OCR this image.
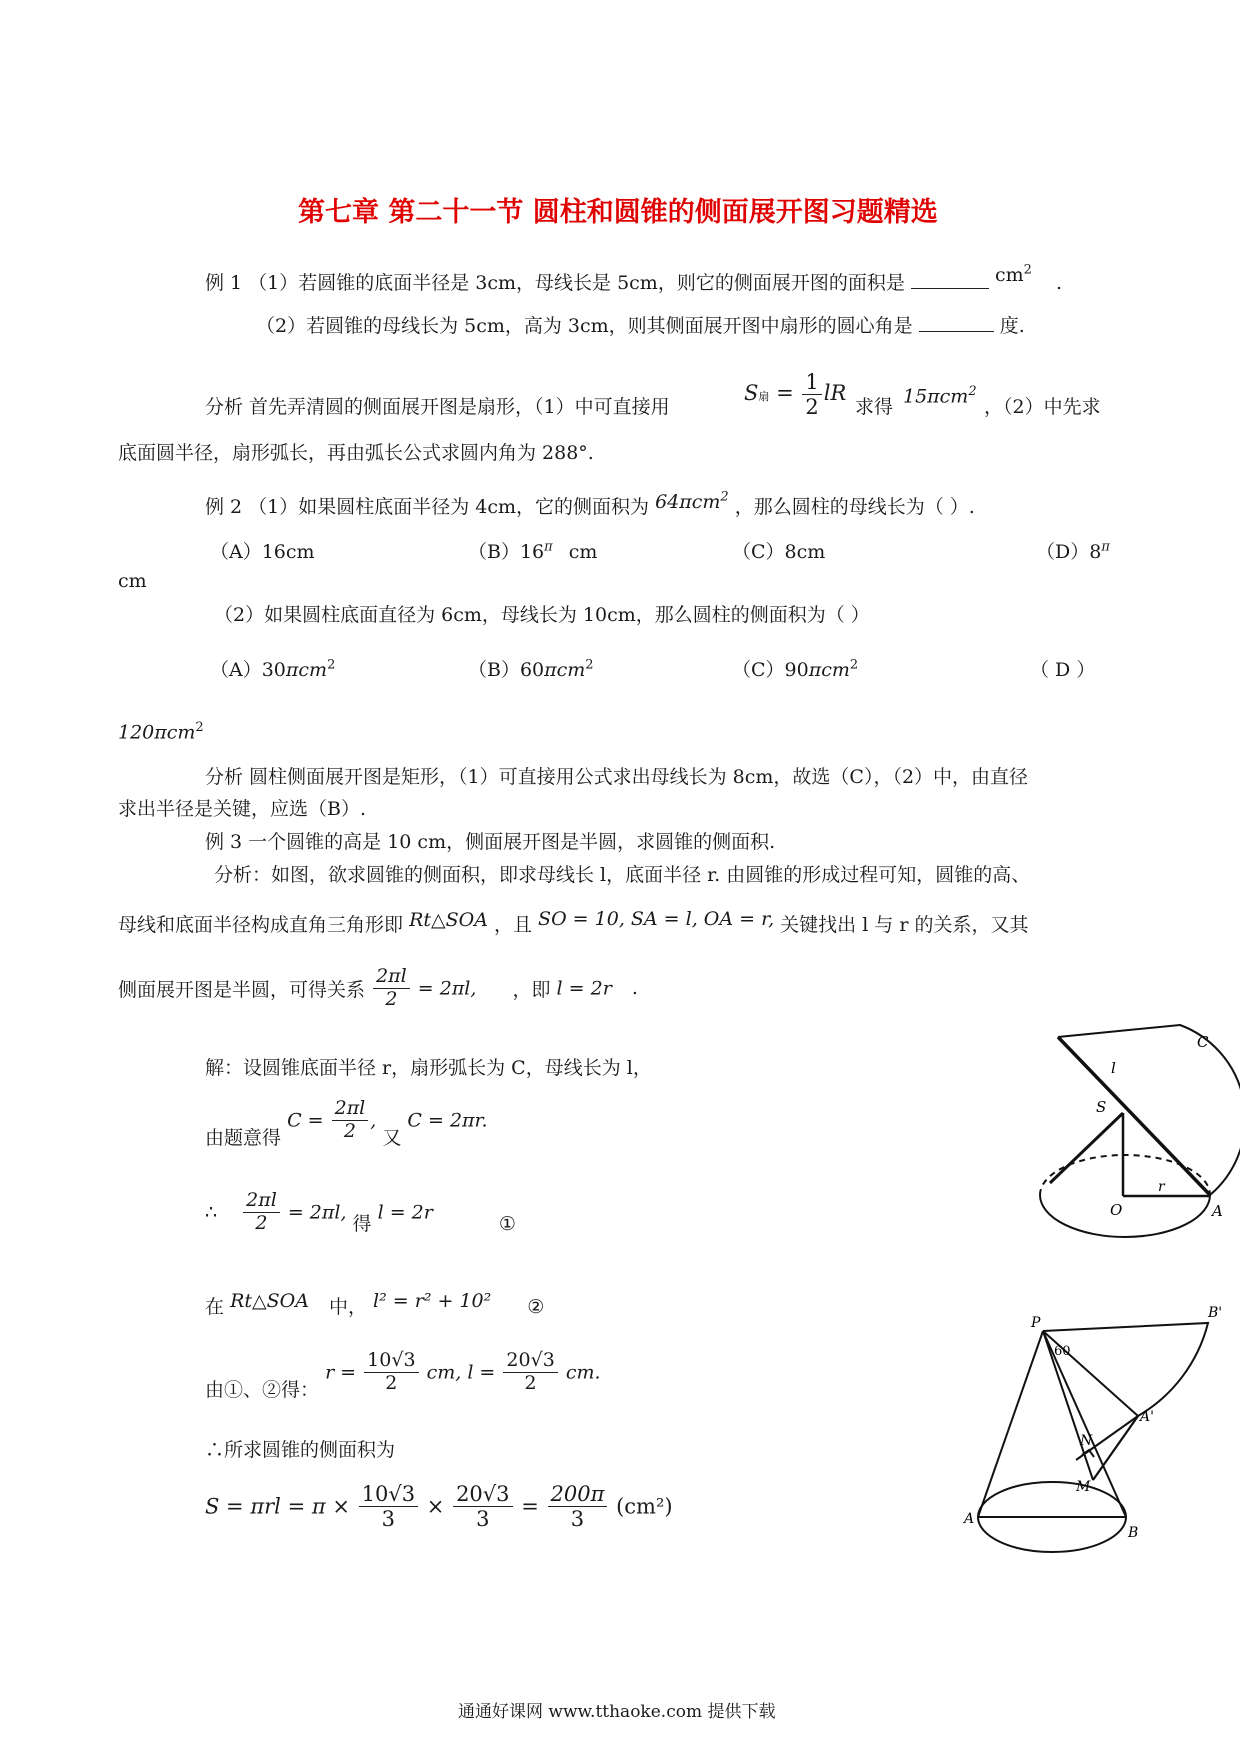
第七章 第二十一节 圆柱和圆锥的侧面展开图习题精选
例 1 （1）若圆锥的底面半径是 3cm，母线长是 5cm，则它的侧面展开图的面积是	$cm^2$ .
（2）若圆锥的母线长为 5cm，高为 3cm，则其侧面展开图中扇形的圆心角是	度.
分析 首先弄清圆的侧面展开图是扇形，（1）中可直接用
S扇 = $\frac{1}{2}$ lR
求得 15πcm$^2$
，（2）中先求
底面圆半径，扇形弧长，再由弧长公式求圆内角为 288°.
例 2 （1）如果圆柱底面半径为 4cm，它的侧面积为 64πcm$^2$ ，那么圆柱的母线长为（ ）.
（A）16cm	$(B)16^\pi$ cm	（C）8cm	$(D)8^\pi$
cm
（2）如果圆柱底面直径为 6cm，母线长为 10cm，那么圆柱的侧面积为（ ）
（A）30πcm$^2$	（B）60πcm$^2$	（C）90πcm$^2$	（ D ）
120πcm$^2$
分析 圆柱侧面展开图是矩形，（1）可直接用公式求出母线长为 8cm，故选（C），（2）中，由直径
求出半径是关键，应选（B）.
例 3 一个圆锥的高是 10 cm，侧面展开图是半圆，求圆锥的侧面积.
分析：如图，欲求圆锥的侧面积，即求母线长 l，底面半径 r. 由圆锥的形成过程可知，圆锥的高、
母线和底面半径构成直角三角形即 Rt△SOA ，且 SO = 10, SA = l, OA = r, 关键找出 l 与 r 的关系，又其
侧面展开图是半圆，可得关系 $\frac{2\pi l}{2} = 2\pi l$, ，即 l = 2r .
解：设圆锥底面半径 r，扇形弧长为 C，母线长为 l，
由题意得 $C = \frac{2\pi l}{2}$ , 又 C = 2πr.
∴ $\frac{2\pi l}{2} = 2\pi l$, 得 l = 2r ①
在 Rt△SOA 中， l² = r² + 10² ②
由①、②得： $r = \frac{10√3}{2}$ cm, $l = \frac{20√3}{2}$ cm.
∴所求圆锥的侧面积为
$S = \pi rl = \pi \times \frac{10√3}{3} \times \frac{20√3}{3} = \frac{200\pi}{3} (cm^2)$
C
l
S
O
r
A
B'
P
60
A'
N
M
A
B
通通好课网 www.tthaoke.com 提供下载
